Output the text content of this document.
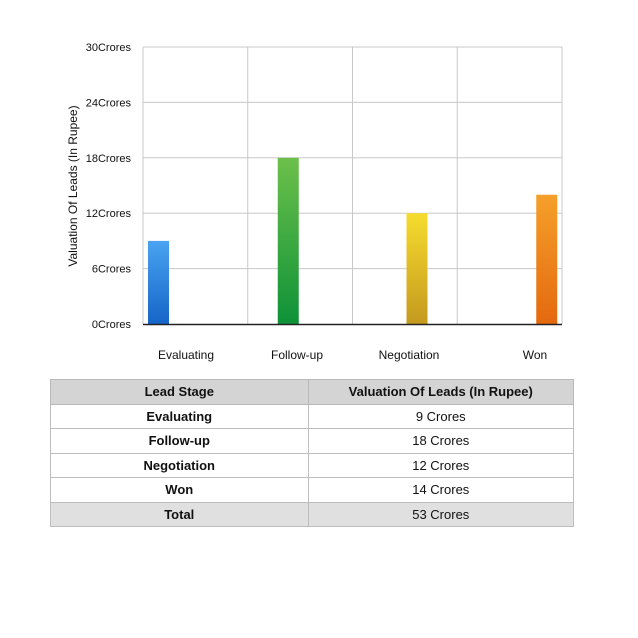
0Crores
6Crores
12Crores
18Crores
24Crores
30Crores
Evaluating	Follow-up	Negotiation	Won
Valuation Of Leads (In Rupee)
Lead Stage	Valuation Of Leads (In Rupee)
Evaluating	9 Crores
Follow-up	18 Crores
Negotiation	12 Crores
Won	14 Crores
Total	53 Crores
